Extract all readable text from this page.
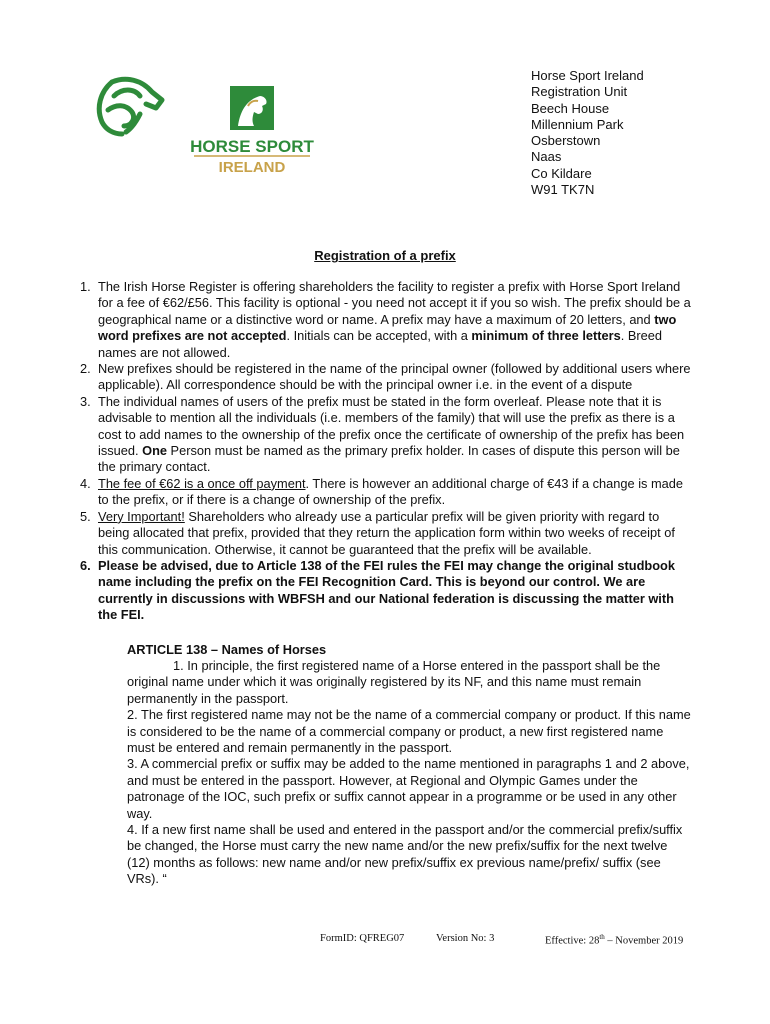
HORSE SPORT
IRELAND
Horse Sport Ireland
Registration Unit
Beech House
Millennium Park
Osberstown
Naas
Co Kildare
W91 TK7N
Registration of a prefix
1. The Irish Horse Register is offering shareholders the facility to register a prefix with Horse Sport Ireland for a fee of €62/£56. This facility is optional - you need not accept it if you so wish. The prefix should be a geographical name or a distinctive word or name. A prefix may have a maximum of 20 letters, and two word prefixes are not accepted. Initials can be accepted, with a minimum of three letters. Breed names are not allowed.
2. New prefixes should be registered in the name of the principal owner (followed by additional users where applicable). All correspondence should be with the principal owner i.e. in the event of a dispute
3. The individual names of users of the prefix must be stated in the form overleaf. Please note that it is advisable to mention all the individuals (i.e. members of the family) that will use the prefix as there is a cost to add names to the ownership of the prefix once the certificate of ownership of the prefix has been issued. One Person must be named as the primary prefix holder. In cases of dispute this person will be the primary contact.
4. The fee of €62 is a once off payment. There is however an additional charge of €43 if a change is made to the prefix, or if there is a change of ownership of the prefix.
5. Very Important! Shareholders who already use a particular prefix will be given priority with regard to being allocated that prefix, provided that they return the application form within two weeks of receipt of this communication. Otherwise, it cannot be guaranteed that the prefix will be available.
6. Please be advised, due to Article 138 of the FEI rules the FEI may change the original studbook name including the prefix on the FEI Recognition Card. This is beyond our control. We are currently in discussions with WBFSH and our National federation is discussing the matter with the FEI.
ARTICLE 138 – Names of Horses
1. In principle, the first registered name of a Horse entered in the passport shall be the original name under which it was originally registered by its NF, and this name must remain permanently in the passport.
2. The first registered name may not be the name of a commercial company or product. If this name is considered to be the name of a commercial company or product, a new first registered name must be entered and remain permanently in the passport.
3. A commercial prefix or suffix may be added to the name mentioned in paragraphs 1 and 2 above, and must be entered in the passport. However, at Regional and Olympic Games under the patronage of the IOC, such prefix or suffix cannot appear in a programme or be used in any other way.
4. If a new first name shall be used and entered in the passport and/or the commercial prefix/suffix be changed, the Horse must carry the new name and/or the new prefix/suffix for the next twelve (12) months as follows: new name and/or new prefix/suffix ex previous name/prefix/ suffix (see VRs). “
FormID: QFREG07	Version No: 3	Effective: 28th – November 2019
